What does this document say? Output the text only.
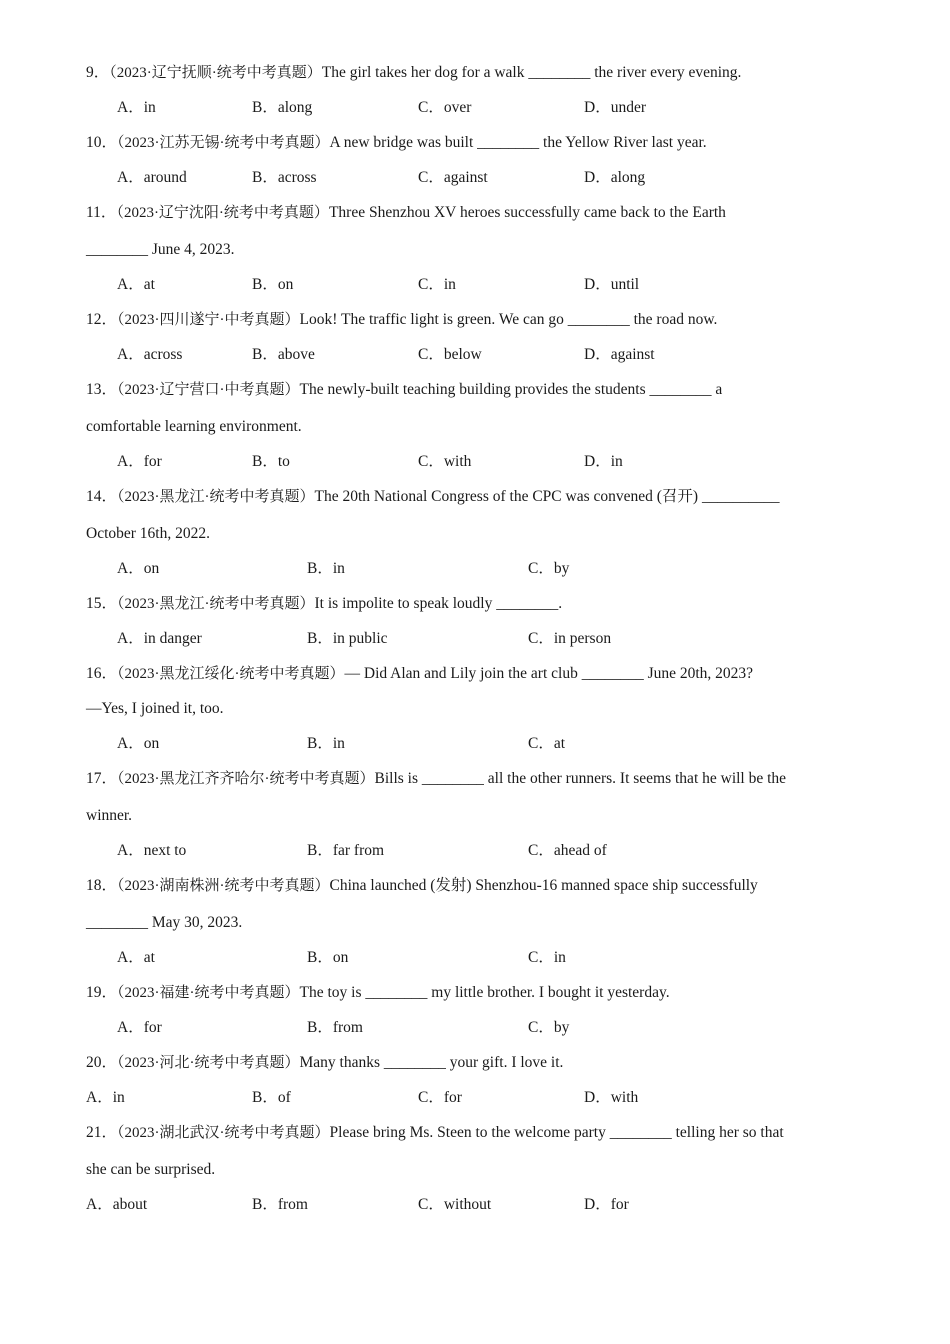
9．（2023·辽宁抚顺·统考中考真题）The girl takes her dog for a walk ________ the river every evening.
A．in	B．along	C．over	D．under
10．（2023·江苏无锡·统考中考真题）A new bridge was built ________ the Yellow River last year.
A．around	B．across	C．against	D．along
11．（2023·辽宁沈阳·统考中考真题）Three Shenzhou XV heroes successfully came back to the Earth
________ June 4, 2023.
A．at	B．on	C．in	D．until
12．（2023·四川遂宁·中考真题）Look! The traffic light is green. We can go ________ the road now.
A．across	B．above	C．below	D．against
13．（2023·辽宁营口·中考真题）The newly-built teaching building provides the students ________ a
comfortable learning environment.
A．for	B．to	C．with	D．in
14．（2023·黑龙江·统考中考真题）The 20th National Congress of the CPC was convened (召开) __________
October 16th, 2022.
A．on	B．in	C．by
15．（2023·黑龙江·统考中考真题）It is impolite to speak loudly ________.
A．in danger	B．in public	C．in person
16．（2023·黑龙江绥化·统考中考真题）— Did Alan and Lily join the art club ________ June 20th, 2023?
—Yes, I joined it, too.
A．on	B．in	C．at
17．（2023·黑龙江齐齐哈尔·统考中考真题）Bills is ________ all the other runners. It seems that he will be the
winner.
A．next to	B．far from	C．ahead of
18．（2023·湖南株洲·统考中考真题）China launched (发射) Shenzhou-16 manned space ship successfully
________ May 30, 2023.
A．at	B．on	C．in
19．（2023·福建·统考中考真题）The toy is ________ my little brother. I bought it yesterday.
A．for	B．from	C．by
20．（2023·河北·统考中考真题）Many thanks ________ your gift. I love it.
A．in	B．of	C．for	D．with
21．（2023·湖北武汉·统考中考真题）Please bring Ms. Steen to the welcome party ________ telling her so that
she can be surprised.
A．about	B．from	C．without	D．for
